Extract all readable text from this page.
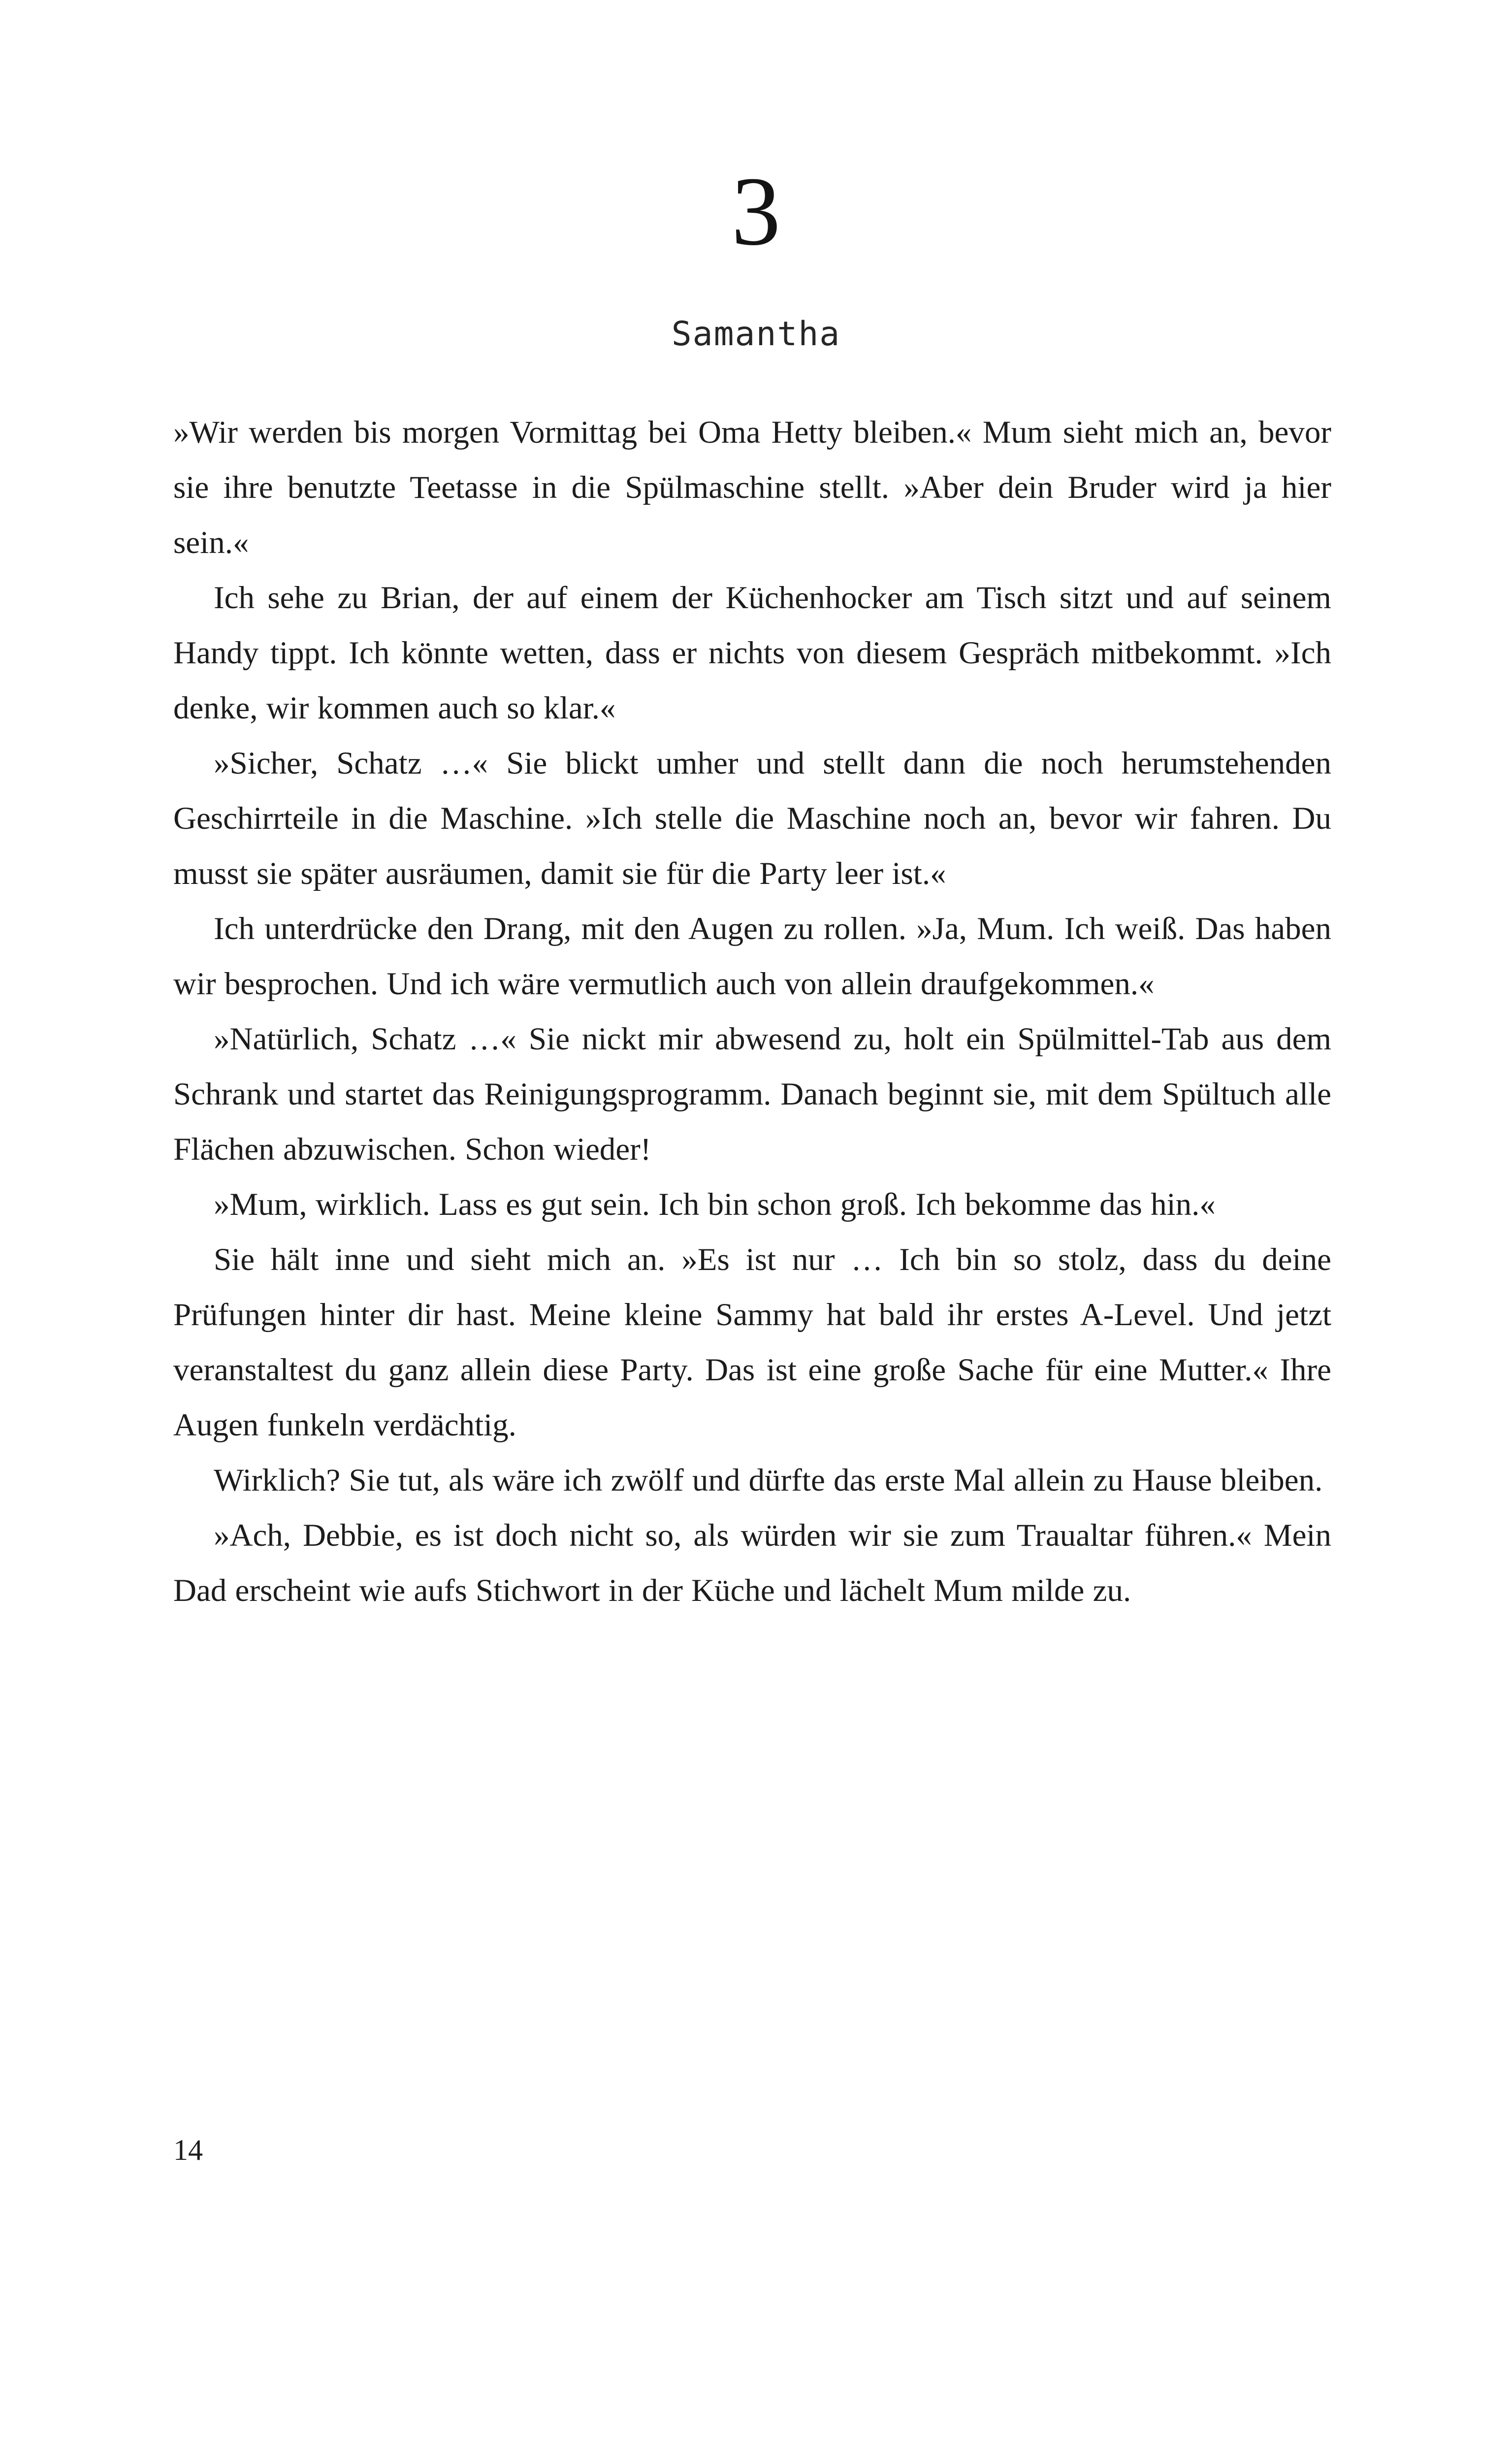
3
Samantha

»Wir werden bis morgen Vormittag bei Oma Hetty bleiben.« Mum sieht mich an, bevor sie ihre benutzte Teetasse in die Spülmaschine stellt. »Aber dein Bruder wird ja hier sein.«

Ich sehe zu Brian, der auf einem der Küchenhocker am Tisch sitzt und auf seinem Handy tippt. Ich könnte wetten, dass er nichts von diesem Gespräch mitbekommt. »Ich denke, wir kommen auch so klar.«

»Sicher, Schatz …« Sie blickt umher und stellt dann die noch herumstehenden Geschirrteile in die Maschine. »Ich stelle die Maschine noch an, bevor wir fahren. Du musst sie später ausräumen, damit sie für die Party leer ist.«

Ich unterdrücke den Drang, mit den Augen zu rollen. »Ja, Mum. Ich weiß. Das haben wir besprochen. Und ich wäre vermutlich auch von allein draufgekommen.«

»Natürlich, Schatz …« Sie nickt mir abwesend zu, holt ein Spülmittel-Tab aus dem Schrank und startet das Reinigungsprogramm. Danach beginnt sie, mit dem Spültuch alle Flächen abzuwischen. Schon wieder!

»Mum, wirklich. Lass es gut sein. Ich bin schon groß. Ich bekomme das hin.«

Sie hält inne und sieht mich an. »Es ist nur … Ich bin so stolz, dass du deine Prüfungen hinter dir hast. Meine kleine Sammy hat bald ihr erstes A-Level. Und jetzt veranstaltest du ganz allein diese Party. Das ist eine große Sache für eine Mutter.« Ihre Augen funkeln verdächtig.

Wirklich? Sie tut, als wäre ich zwölf und dürfte das erste Mal allein zu Hause bleiben.

»Ach, Debbie, es ist doch nicht so, als würden wir sie zum Traualtar führen.« Mein Dad erscheint wie aufs Stichwort in der Küche und lächelt Mum milde zu.

14
